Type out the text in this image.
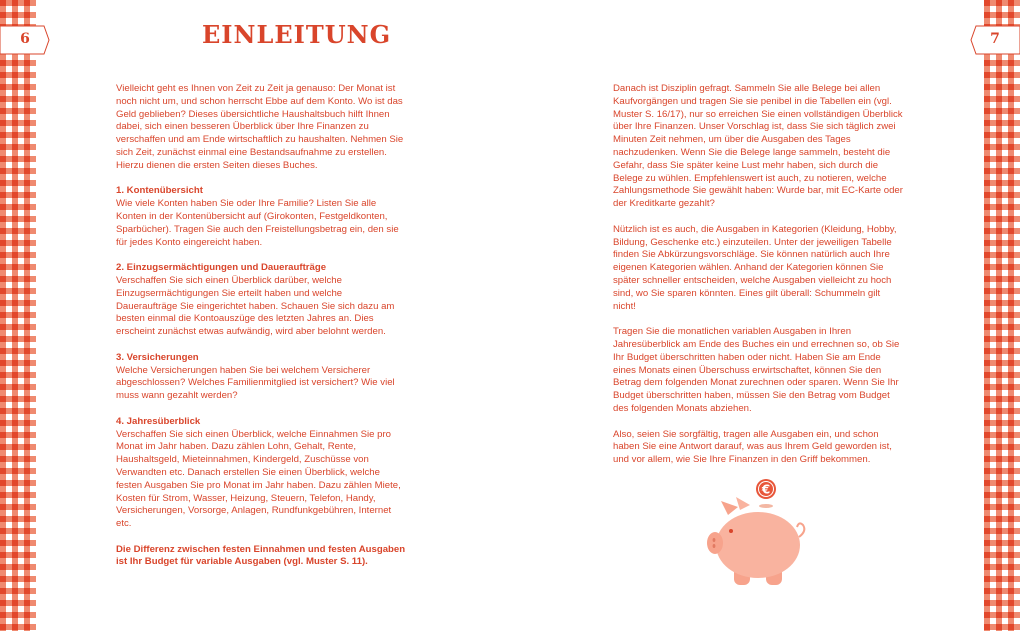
6	7
EINLEITUNG

Vielleicht geht es Ihnen von Zeit zu Zeit ja genauso: Der Monat ist noch nicht um, und schon herrscht Ebbe auf dem Konto. Wo ist das Geld geblieben? Dieses übersichtliche Haushaltsbuch hilft Ihnen dabei, sich einen besseren Überblick über Ihre Finanzen zu verschaffen und am Ende wirtschaftlich zu haushalten. Nehmen Sie sich Zeit, zunächst einmal eine Bestandsaufnahme zu erstellen. Hierzu dienen die ersten Seiten dieses Buches.

1. Kontenübersicht

Wie viele Konten haben Sie oder Ihre Familie? Listen Sie alle Konten in der Kontenübersicht auf (Girokonten, Festgeldkonten, Sparbücher). Tragen Sie auch den Freistellungsbetrag ein, den sie für jedes Konto eingereicht haben.

2. Einzugsermächtigungen und Daueraufträge

Verschaffen Sie sich einen Überblick darüber, welche Einzugsermächtigungen Sie erteilt haben und welche Daueraufträge Sie eingerichtet haben. Schauen Sie sich dazu am besten einmal die Kontoauszüge des letzten Jahres an. Dies erscheint zunächst etwas aufwändig, wird aber belohnt werden.

3. Versicherungen

Welche Versicherungen haben Sie bei welchem Versicherer abgeschlossen? Welches Familienmitglied ist versichert? Wie viel muss wann gezahlt werden?

4. Jahresüberblick

Verschaffen Sie sich einen Überblick, welche Einnahmen Sie pro Monat im Jahr haben. Dazu zählen Lohn, Gehalt, Rente, Haushaltsgeld, Mieteinnahmen, Kindergeld, Zuschüsse von Verwandten etc. Danach erstellen Sie einen Überblick, welche festen Ausgaben Sie pro Monat im Jahr haben. Dazu zählen Miete, Kosten für Strom, Wasser, Heizung, Steuern, Telefon, Handy, Versicherungen, Vorsorge, Anlagen, Rundfunkgebühren, Internet etc.

Die Differenz zwischen festen Einnahmen und festen Ausgaben ist Ihr Budget für variable Ausgaben (vgl. Muster S. 11).

Danach ist Disziplin gefragt. Sammeln Sie alle Belege bei allen Kaufvorgängen und tragen Sie sie penibel in die Tabellen ein (vgl. Muster S. 16/17), nur so erreichen Sie einen vollständigen Überblick über Ihre Finanzen. Unser Vorschlag ist, dass Sie sich täglich zwei Minuten Zeit nehmen, um über die Ausgaben des Tages nachzudenken. Wenn Sie die Belege lange sammeln, besteht die Gefahr, dass Sie später keine Lust mehr haben, sich durch die Belege zu wühlen. Empfehlenswert ist auch, zu notieren, welche Zahlungsmethode Sie gewählt haben: Wurde bar, mit EC-Karte oder der Kreditkarte gezahlt?

Nützlich ist es auch, die Ausgaben in Kategorien (Kleidung, Hobby, Bildung, Geschenke etc.) einzuteilen. Unter der jeweiligen Tabelle finden Sie Abkürzungsvorschläge. Sie können natürlich auch Ihre eigenen Kategorien wählen. Anhand der Kategorien können Sie später schneller entscheiden, welche Ausgaben vielleicht zu hoch sind, wo Sie sparen könnten. Eines gilt überall: Schummeln gilt nicht!

Tragen Sie die monatlichen variablen Ausgaben in Ihren Jahresüberblick am Ende des Buches ein und errechnen so, ob Sie Ihr Budget überschritten haben oder nicht. Haben Sie am Ende eines Monats einen Überschuss erwirtschaftet, können Sie den Betrag dem folgenden Monat zurechnen oder sparen. Wenn Sie Ihr Budget überschritten haben, müssen Sie den Betrag vom Budget des folgenden Monats abziehen.

Also, seien Sie sorgfältig, tragen alle Ausgaben ein, und schon haben Sie eine Antwort darauf, was aus Ihrem Geld geworden ist, und vor allem, wie Sie Ihre Finanzen in den Griff bekommen.

€
